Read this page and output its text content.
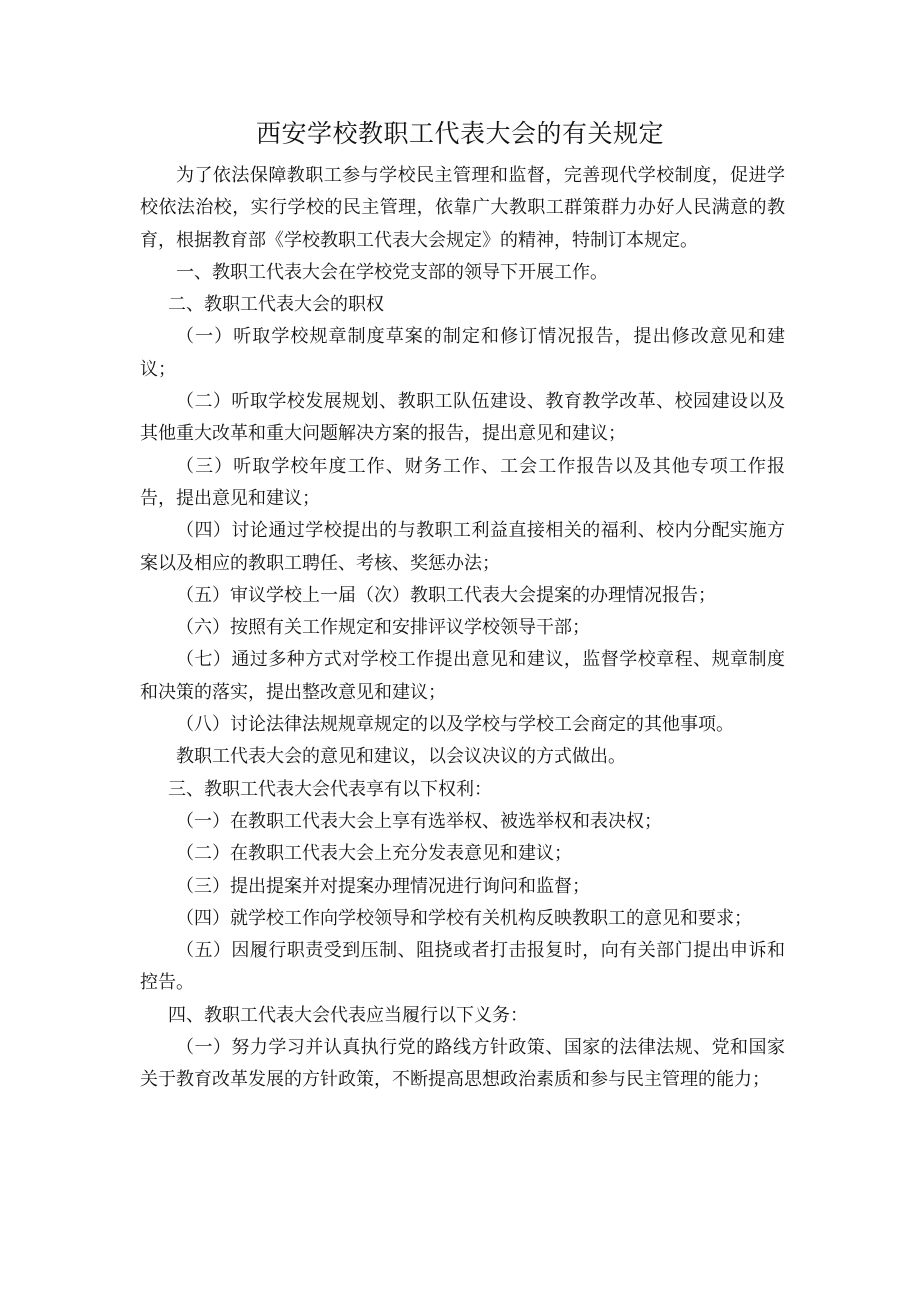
西安学校教职工代表大会的有关规定

为了依法保障教职工参与学校民主管理和监督，完善现代学校制度，促进学校依法治校，实行学校的民主管理，依靠广大教职工群策群力办好人民满意的教育，根据教育部《学校教职工代表大会规定》的精神，特制订本规定。

一、教职工代表大会在学校党支部的领导下开展工作。

二、教职工代表大会的职权

（一）听取学校规章制度草案的制定和修订情况报告，提出修改意见和建议；

（二）听取学校发展规划、教职工队伍建设、教育教学改革、校园建设以及其他重大改革和重大问题解决方案的报告，提出意见和建议；

（三）听取学校年度工作、财务工作、工会工作报告以及其他专项工作报告，提出意见和建议；

（四）讨论通过学校提出的与教职工利益直接相关的福利、校内分配实施方案以及相应的教职工聘任、考核、奖惩办法；

（五）审议学校上一届（次）教职工代表大会提案的办理情况报告；

（六）按照有关工作规定和安排评议学校领导干部；

（七）通过多种方式对学校工作提出意见和建议，监督学校章程、规章制度和决策的落实，提出整改意见和建议；

（八）讨论法律法规规章规定的以及学校与学校工会商定的其他事项。

教职工代表大会的意见和建议，以会议决议的方式做出。

三、教职工代表大会代表享有以下权利：

（一）在教职工代表大会上享有选举权、被选举权和表决权；

（二）在教职工代表大会上充分发表意见和建议；

（三）提出提案并对提案办理情况进行询问和监督；

（四）就学校工作向学校领导和学校有关机构反映教职工的意见和要求；

（五）因履行职责受到压制、阻挠或者打击报复时，向有关部门提出申诉和控告。

四、教职工代表大会代表应当履行以下义务：

（一）努力学习并认真执行党的路线方针政策、国家的法律法规、党和国家关于教育改革发展的方针政策，不断提高思想政治素质和参与民主管理的能力；
